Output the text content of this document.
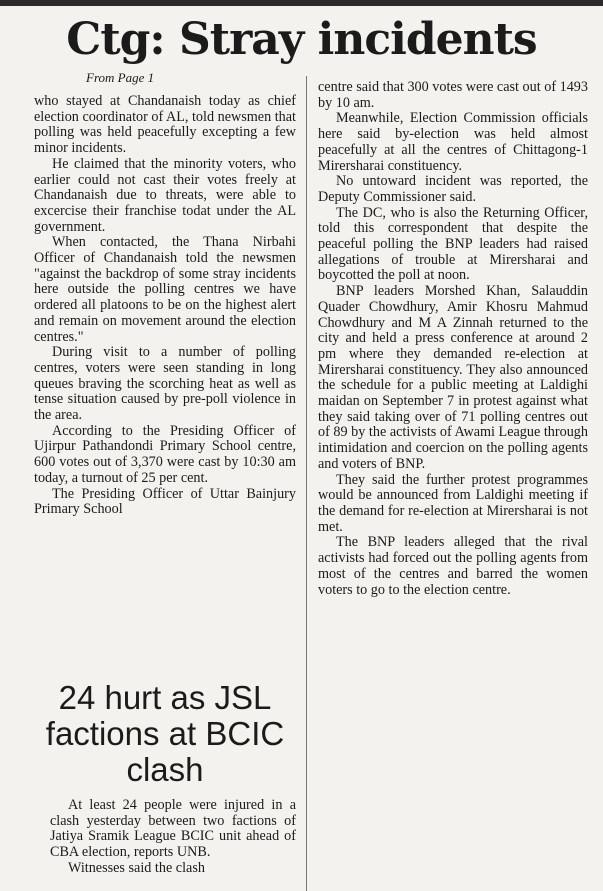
Ctg: Stray incidents
From Page 1

who stayed at Chandanaish today as chief election coordinator of AL, told newsmen that polling was held peacefully excepting a few minor incidents.

He claimed that the minority voters, who earlier could not cast their votes freely at Chandanaish due to threats, were able to excercise their franchise todat under the AL government.

When contacted, the Thana Nirbahi Officer of Chandanaish told the newsmen "against the backdrop of some stray incidents here outside the polling centres we have ordered all platoons to be on the highest alert and remain on movement around the election centres."

During visit to a number of polling centres, voters were seen standing in long queues braving the scorching heat as well as tense situation caused by pre-poll violence in the area.

According to the Presiding Officer of Ujirpur Pathandondi Primary School centre, 600 votes out of 3,370 were cast by 10:30 am today, a turnout of 25 per cent.

The Presiding Officer of Uttar Bainjury Primary School

centre said that 300 votes were cast out of 1493 by 10 am.

Meanwhile, Election Commission officials here said by-election was held almost peacefully at all the centres of Chittagong-1 Mirersharai constituency.

No untoward incident was reported, the Deputy Commissioner said.

The DC, who is also the Returning Officer, told this correspondent that despite the peaceful polling the BNP leaders had raised allegations of trouble at Mirersharai and boycotted the poll at noon.

BNP leaders Morshed Khan, Salauddin Quader Chowdhury, Amir Khosru Mahmud Chowdhury and M A Zinnah returned to the city and held a press conference at around 2 pm where they demanded re-election at Mirersharai constituency. They also announced the schedule for a public meeting at Laldighi maidan on September 7 in protest against what they said taking over of 71 polling centres out of 89 by the activists of Awami League through intimidation and coercion on the polling agents and voters of BNP.

They said the further protest programmes would be announced from Laldighi meeting if the demand for re-election at Mirersharai is not met.

The BNP leaders alleged that the rival activists had forced out the polling agents from most of the centres and barred the women voters to go to the election centre.

24 hurt as JSL factions at BCIC clash

At least 24 people were injured in a clash yesterday between two factions of Jatiya Sramik League BCIC unit ahead of CBA election, reports UNB.

Witnesses said the clash
